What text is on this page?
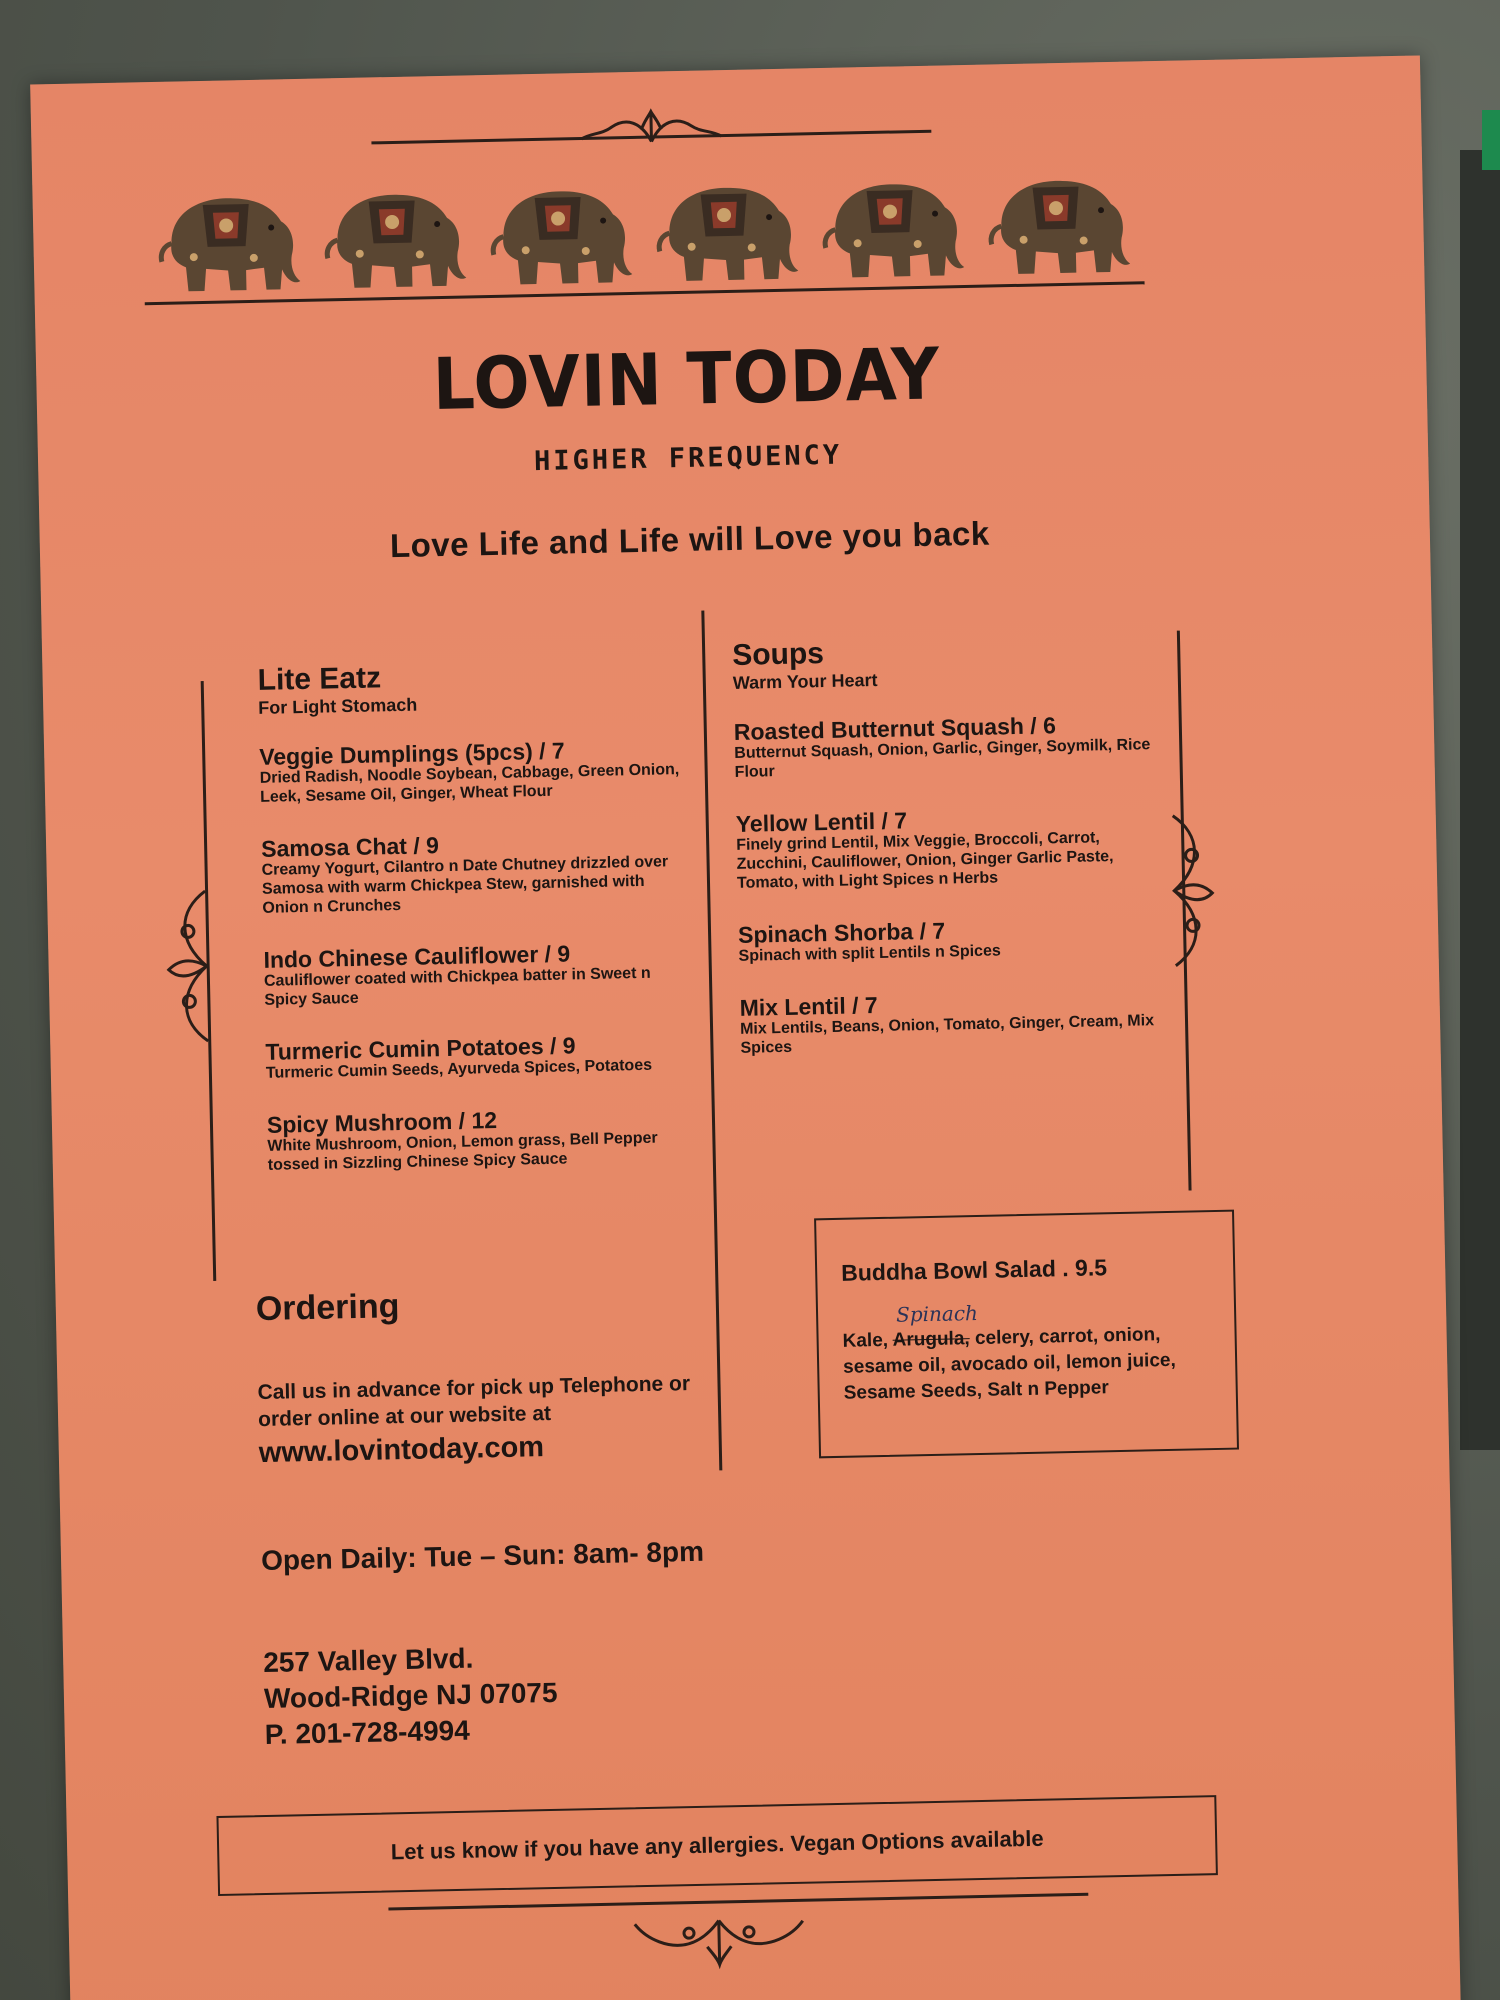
LOVIN TODAY
HIGHER FREQUENCY
Love Life and Life will Love you back
Lite Eatz
For Light Stomach
Veggie Dumplings (5pcs) / 7
Dried Radish, Noodle Soybean, Cabbage, Green Onion, Leek, Sesame Oil, Ginger, Wheat Flour
Samosa Chat / 9
Creamy Yogurt, Cilantro n Date Chutney drizzled over Samosa with warm Chickpea Stew, garnished with Onion n Crunches
Indo Chinese Cauliflower / 9
Cauliflower coated with Chickpea batter in Sweet n Spicy Sauce
Turmeric Cumin Potatoes / 9
Turmeric Cumin Seeds, Ayurveda Spices, Potatoes
Spicy Mushroom / 12
White Mushroom, Onion, Lemon grass, Bell Pepper tossed in Sizzling Chinese Spicy Sauce
Soups
Warm Your Heart
Roasted Butternut Squash / 6
Butternut Squash, Onion, Garlic, Ginger, Soymilk, Rice Flour
Yellow Lentil / 7
Finely grind Lentil, Mix Veggie, Broccoli, Carrot, Zucchini, Cauliflower, Onion, Ginger Garlic Paste, Tomato, with Light Spices n Herbs
Spinach Shorba / 7
Spinach with split Lentils n Spices
Mix Lentil / 7
Mix Lentils, Beans, Onion, Tomato, Ginger, Cream, Mix Spices
Buddha Bowl Salad . 9.5
Spinach
Kale, Arugula, celery, carrot, onion, sesame oil, avocado oil, lemon juice, Sesame Seeds, Salt n Pepper
Ordering
Call us in advance for pick up Telephone or order online at our website at
www.lovintoday.com
Open Daily: Tue – Sun: 8am- 8pm
257 Valley Blvd.
Wood-Ridge NJ 07075
P. 201-728-4994
Let us know if you have any allergies. Vegan Options available
